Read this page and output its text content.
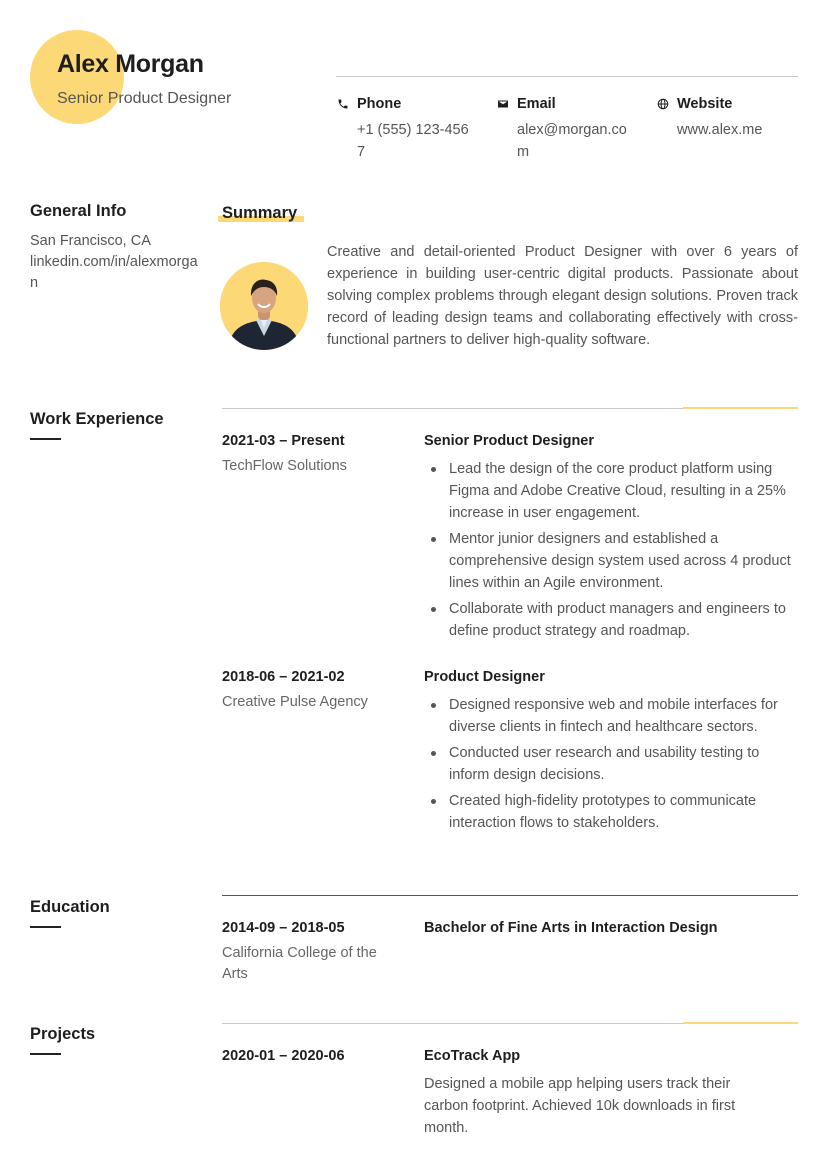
Alex Morgan
Senior Product Designer	Phone
+1 (555) 123-4567
Email
alex@morgan.com
Website
www.alex.me
General Info
San Francisco, CA
linkedin.com/in/alexmorgan
Summary
Creative and detail-oriented Product Designer with over 6 years of experience in building user-centric digital products. Passionate about solving complex problems through elegant design solutions. Proven track record of leading design teams and collaborating effectively with cross-functional partners to deliver high-quality software.
Work Experience
2021-03 – Present
TechFlow Solutions
Senior Product Designer
Lead the design of the core product platform using Figma and Adobe Creative Cloud, resulting in a 25% increase in user engagement.
Mentor junior designers and established a comprehensive design system used across 4 product lines within an Agile environment.
Collaborate with product managers and engineers to define product strategy and roadmap.
2018-06 – 2021-02
Creative Pulse Agency
Product Designer
Designed responsive web and mobile interfaces for diverse clients in fintech and healthcare sectors.
Conducted user research and usability testing to inform design decisions.
Created high-fidelity prototypes to communicate interaction flows to stakeholders.
Education
2014-09 – 2018-05
California College of the Arts
Bachelor of Fine Arts in Interaction Design
Projects
2020-01 – 2020-06	EcoTrack App
Designed a mobile app helping users track their carbon footprint. Achieved 10k downloads in first month.
